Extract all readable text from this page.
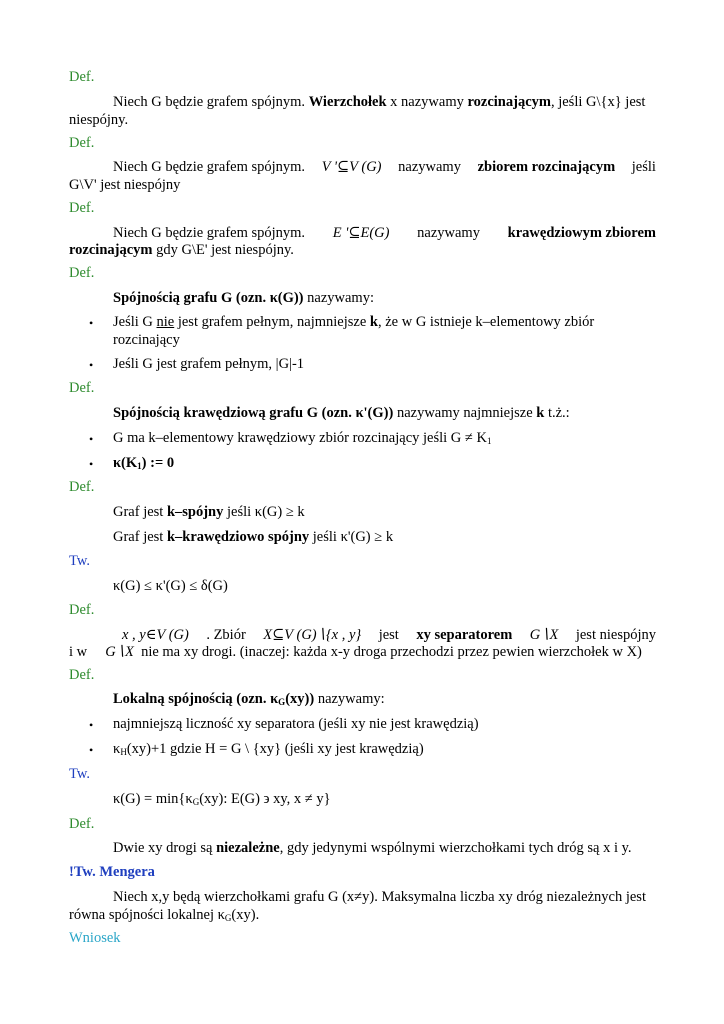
Def.
Niech G będzie grafem spójnym. Wierzchołek x nazywamy rozcinającym, jeśli G\{x} jest
niespójny.
Def.
Niech G będzie grafem spójnym. V '⊆V (G) nazywamy zbiorem rozcinającym jeśli
G\V' jest niespójny
Def.
Niech G będzie grafem spójnym. E '⊆E(G) nazywamy krawędziowym zbiorem
rozcinającym gdy G\E' jest niespójny.
Def.
Spójnością grafu G (ozn. κ(G)) nazywamy:
• Jeśli G nie jest grafem pełnym, najmniejsze k, że w G istnieje k–elementowy zbiór
rozcinający
• Jeśli G jest grafem pełnym, |G|-1
Def.
Spójnością krawędziową grafu G (ozn. κ'(G)) nazywamy najmniejsze k t.ż.:
• G ma k–elementowy krawędziowy zbiór rozcinający jeśli $G \ne K_1$
• $\kappa(K_1)$ := 0
Def.
Graf jest k–spójny jeśli κ(G) ≥ k
Graf jest k–krawędziowo spójny jeśli κ'(G) ≥ k
Tw.
κ(G) ≤ κ'(G) ≤ δ(G)
Def.
x , y∈V (G) . Zbiór X⊆V (G)∖{x , y} jest xy separatorem G∖X jest niespójny
i w G∖X nie ma xy drogi. (inaczej: każda x-y droga przechodzi przez pewien wierzchołek w X)
Def.
Lokalną spójnością (ozn. $\kappa_G(xy)$) nazywamy:
• najmniejszą liczność xy separatora (jeśli xy nie jest krawędzią)
• $\kappa_H(xy)+1$ gdzie H = G \ {xy} (jeśli xy jest krawędzią)
Tw.
$\kappa(G) = \min\{\kappa_G(xy)$: E(G) ϶ xy, x ≠ y}
Def.
Dwie xy drogi są niezależne, gdy jedynymi wspólnymi wierzchołkami tych dróg są x i y.
!Tw. Mengera
Niech x,y będą wierzchołkami grafu G (x≠y). Maksymalna liczba xy dróg niezależnych jest
równa spójności lokalnej $\kappa_G(xy)$.
Wniosek
